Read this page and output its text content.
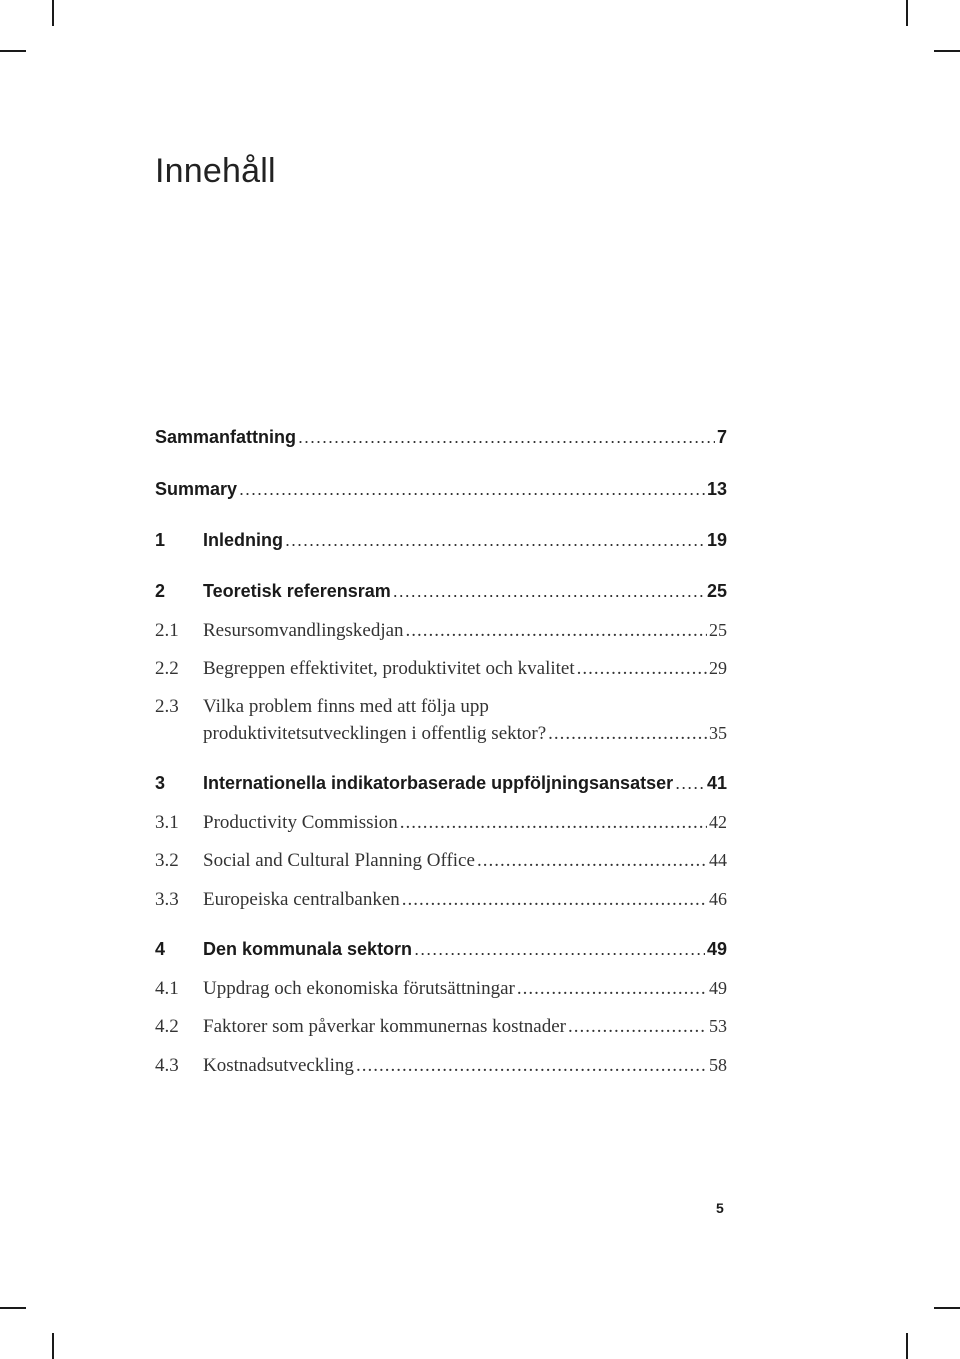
Innehåll
Sammanfattning .....	7
Summary .....	13
1	Inledning .....	19
2	Teoretisk referensram .....	25
2.1	Resursomvandlingskedjan .....	25
2.2	Begreppen effektivitet, produktivitet och kvalitet .....	29
2.3	Vilka problem finns med att följa upp
produktivitetsutvecklingen i offentlig sektor? .....	35
3	Internationella indikatorbaserade uppföljningsansatser ..... 41
3.1	Productivity Commission .....	42
3.2	Social and Cultural Planning Office .....	44
3.3	Europeiska centralbanken .....	46
4	Den kommunala sektorn .....	49
4.1	Uppdrag och ekonomiska förutsättningar .....	49
4.2	Faktorer som påverkar kommunernas kostnader .....	53
4.3	Kostnadsutveckling .....	58
5
